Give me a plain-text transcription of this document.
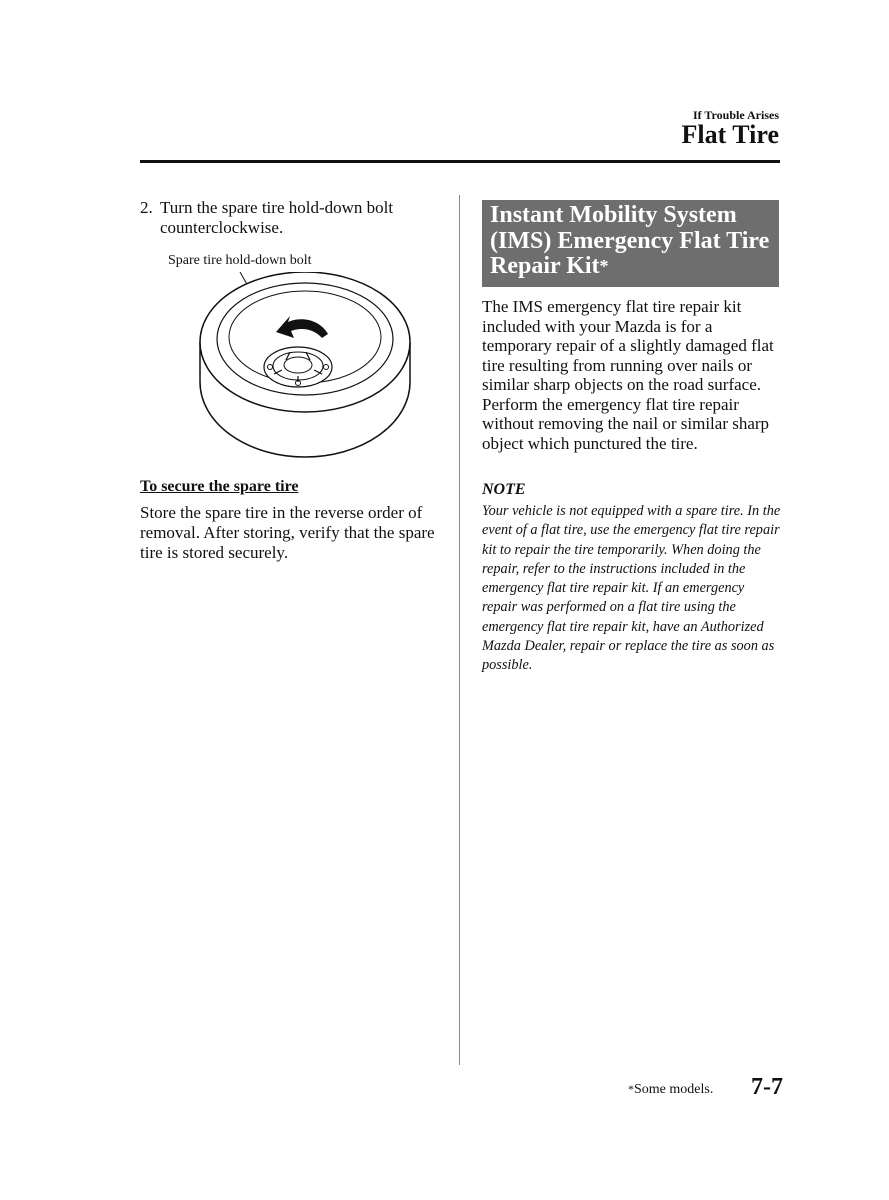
If Trouble Arises
Flat Tire
2. Turn the spare tire hold-down bolt counterclockwise.
Spare tire hold-down bolt
To secure the spare tire
Store the spare tire in the reverse order of removal. After storing, verify that the spare tire is stored securely.
Instant Mobility System (IMS) Emergency Flat Tire Repair Kit*
The IMS emergency flat tire repair kit included with your Mazda is for a temporary repair of a slightly damaged flat tire resulting from running over nails or similar sharp objects on the road surface.
Perform the emergency flat tire repair without removing the nail or similar sharp object which punctured the tire.
NOTE
Your vehicle is not equipped with a spare tire. In the event of a flat tire, use the emergency flat tire repair kit to repair the tire temporarily. When doing the repair, refer to the instructions included in the emergency flat tire repair kit. If an emergency repair was performed on a flat tire using the emergency flat tire repair kit, have an Authorized Mazda Dealer, repair or replace the tire as soon as possible.
*Some models. 7-7
